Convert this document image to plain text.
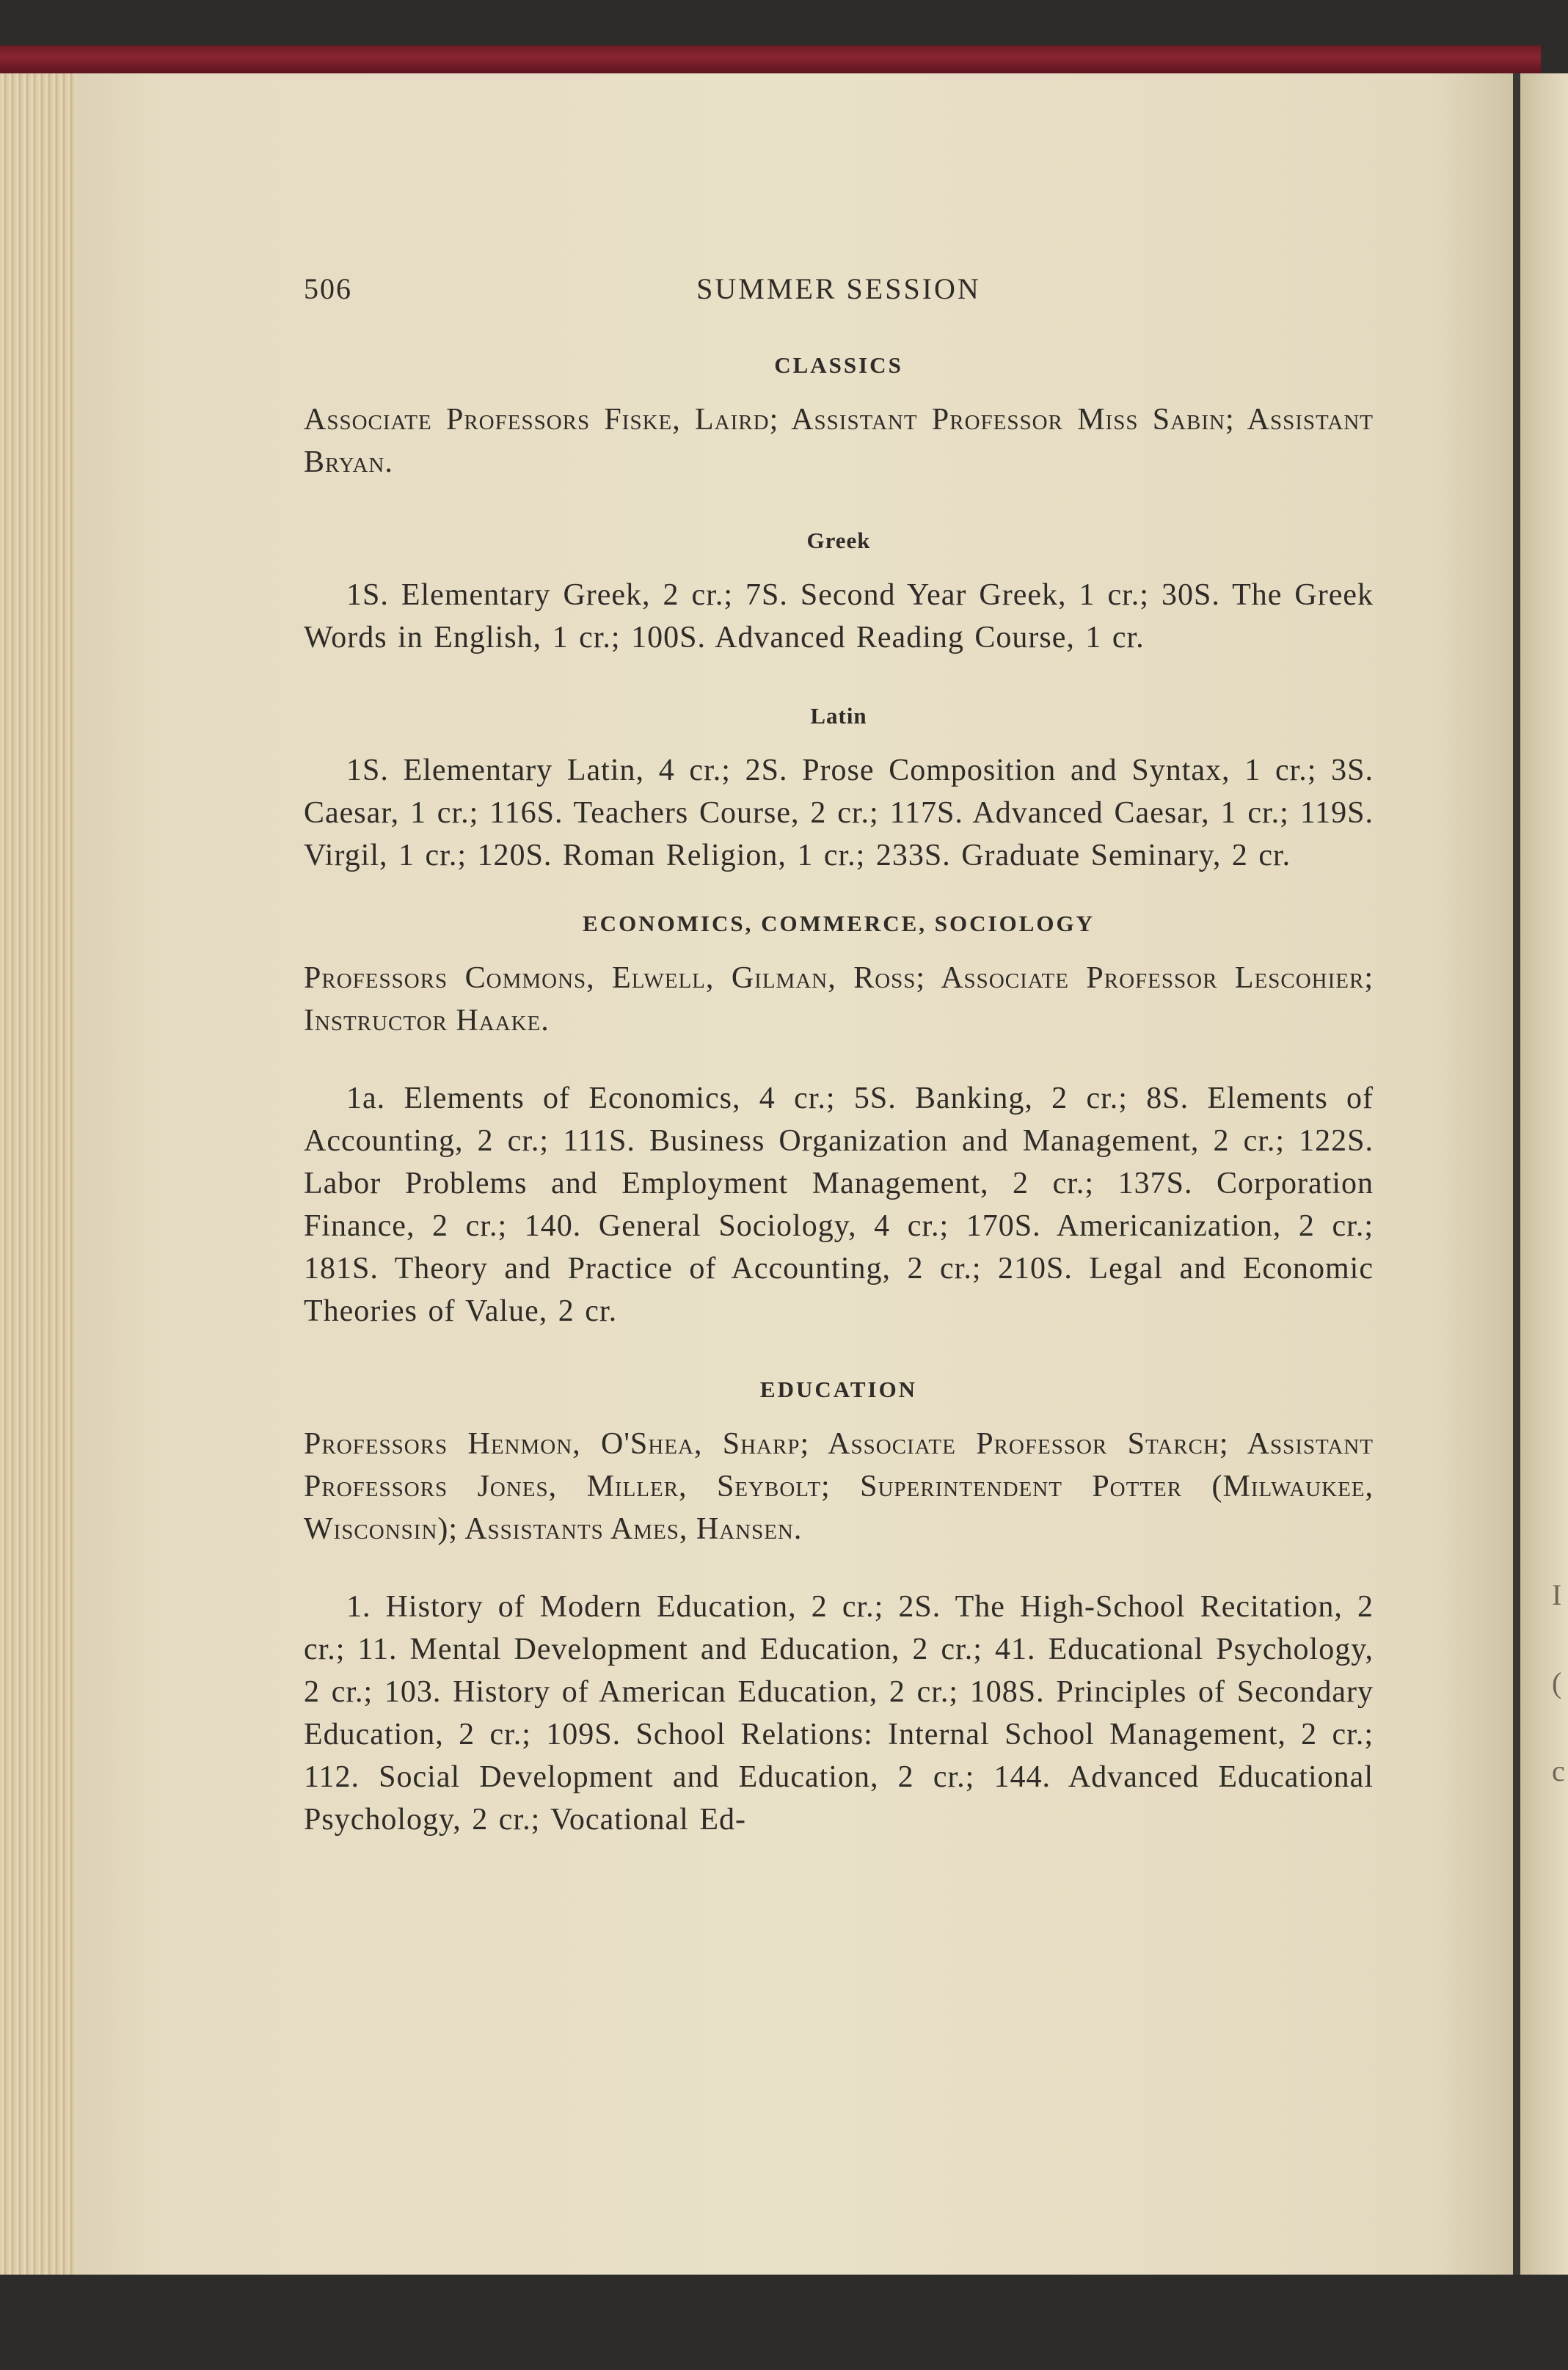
I
(
c
506	SUMMER SESSION
CLASSICS

Associate Professors Fiske, Laird; Assistant Professor Miss Sabin; Assistant Bryan.

Greek

1S. Elementary Greek, 2 cr.; 7S. Second Year Greek, 1 cr.; 30S. The Greek Words in English, 1 cr.; 100S. Advanced Reading Course, 1 cr.

Latin

1S. Elementary Latin, 4 cr.; 2S. Prose Composition and Syntax, 1 cr.; 3S. Caesar, 1 cr.; 116S. Teachers Course, 2 cr.; 117S. Advanced Caesar, 1 cr.; 119S. Virgil, 1 cr.; 120S. Roman Religion, 1 cr.; 233S. Graduate Seminary, 2 cr.

ECONOMICS, COMMERCE, SOCIOLOGY

Professors Commons, Elwell, Gilman, Ross; Associate Professor Lescohier; Instructor Haake.

1a. Elements of Economics, 4 cr.; 5S. Banking, 2 cr.; 8S. Elements of Accounting, 2 cr.; 111S. Business Organization and Management, 2 cr.; 122S. Labor Problems and Employment Management, 2 cr.; 137S. Corporation Finance, 2 cr.; 140. General Sociology, 4 cr.; 170S. Americanization, 2 cr.; 181S. Theory and Practice of Accounting, 2 cr.; 210S. Legal and Economic Theories of Value, 2 cr.

EDUCATION

Professors Henmon, O'Shea, Sharp; Associate Professor Starch; Assistant Professors Jones, Miller, Seybolt; Superintendent Potter (Milwaukee, Wisconsin); Assistants Ames, Hansen.

1. History of Modern Education, 2 cr.; 2S. The High-School Recitation, 2 cr.; 11. Mental Development and Education, 2 cr.; 41. Educational Psychology, 2 cr.; 103. History of American Education, 2 cr.; 108S. Principles of Secondary Education, 2 cr.; 109S. School Relations: Internal School Management, 2 cr.; 112. Social Development and Education, 2 cr.; 144. Advanced Educational Psychology, 2 cr.; Vocational Ed-
